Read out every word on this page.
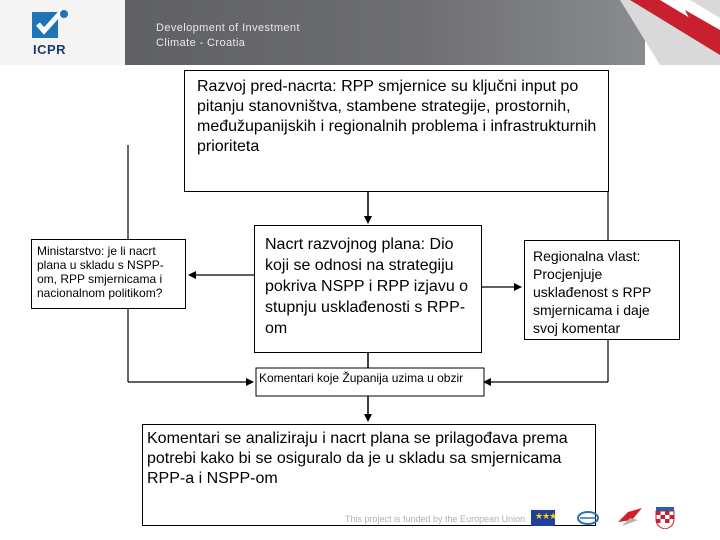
ICPR
Development of Investment
Climate - Croatia
Razvoj pred-nacrta: RPP smjernice su ključni input po pitanju stanovništva, stambene strategije, prostornih, međužupanijskih i regionalnih problema i infrastrukturnih prioriteta
Ministarstvo: je li nacrt plana u skladu s NSPP-om, RPP smjernicama i nacionalnom politikom?
Nacrt razvojnog plana: Dio koji se odnosi na strategiju pokriva NSPP i RPP izjavu o stupnju usklađenosti s RPP-om
Regionalna vlast: Procjenjuje usklađenost s RPP smjernicama i daje svoj komentar
Komentari se analiziraju i nacrt plana se prilagođava prema potrebi kako bi se osiguralo da je u skladu sa smjernicama RPP-a i NSPP-om
Komentari koje Županija uzima u obzir
This project is funded by the European Union ★★★
